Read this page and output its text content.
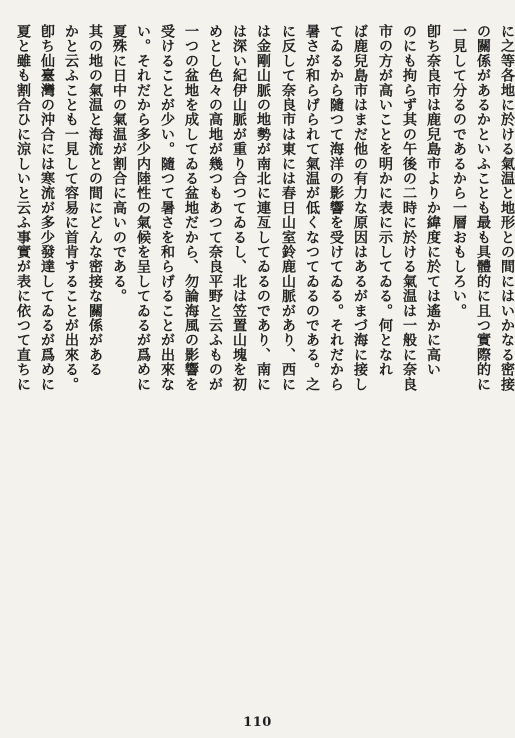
に之等各地に於ける氣温と地形との間にはいかなる密接
の關係があるかといふことも最も具體的に且つ實際的に
一見して分るのであるから一層おもしろい。
卽ち奈良市は鹿兒島市よりか緯度に於ては遙かに高い
のにも拘らず其の午後の二時に於ける氣温は一般に奈良
市の方が高いことを明かに表に示してゐる。何となれ
ば鹿兒島市はまだ他の有力な原因はあるがまづ海に接し
てゐるから隨つて海洋の影響を受けてゐる。それだから
暑さが和らげられて氣温が低くなつてゐるのである。之
に反して奈良市は東には春日山室鈴鹿山脈があり、西に
は金剛山脈の地勢が南北に連亙してゐるのであり、南に
は深い紀伊山脈が重り合つてゐるし、北は笠置山塊を初
めとし色々の高地が幾つもあつて奈良平野と云ふものが
一つの盆地を成してゐる盆地だから、勿論海風の影響を
受けることが少い。隨つて暑さを和らげることが出來な
い。それだから多少内陸性の氣候を呈してゐるが爲めに
夏殊に日中の氣温が割合に高いのである。
其の地の氣温と海流との間にどんな密接な關係がある
かと云ふことも一見して容易に首肯することが出來る。
卽ち仙臺灣の沖合には寒流が多少發達してゐるが爲めに
夏と雖も割合ひに涼しいと云ふ事實が表に依つて直ちに
110
